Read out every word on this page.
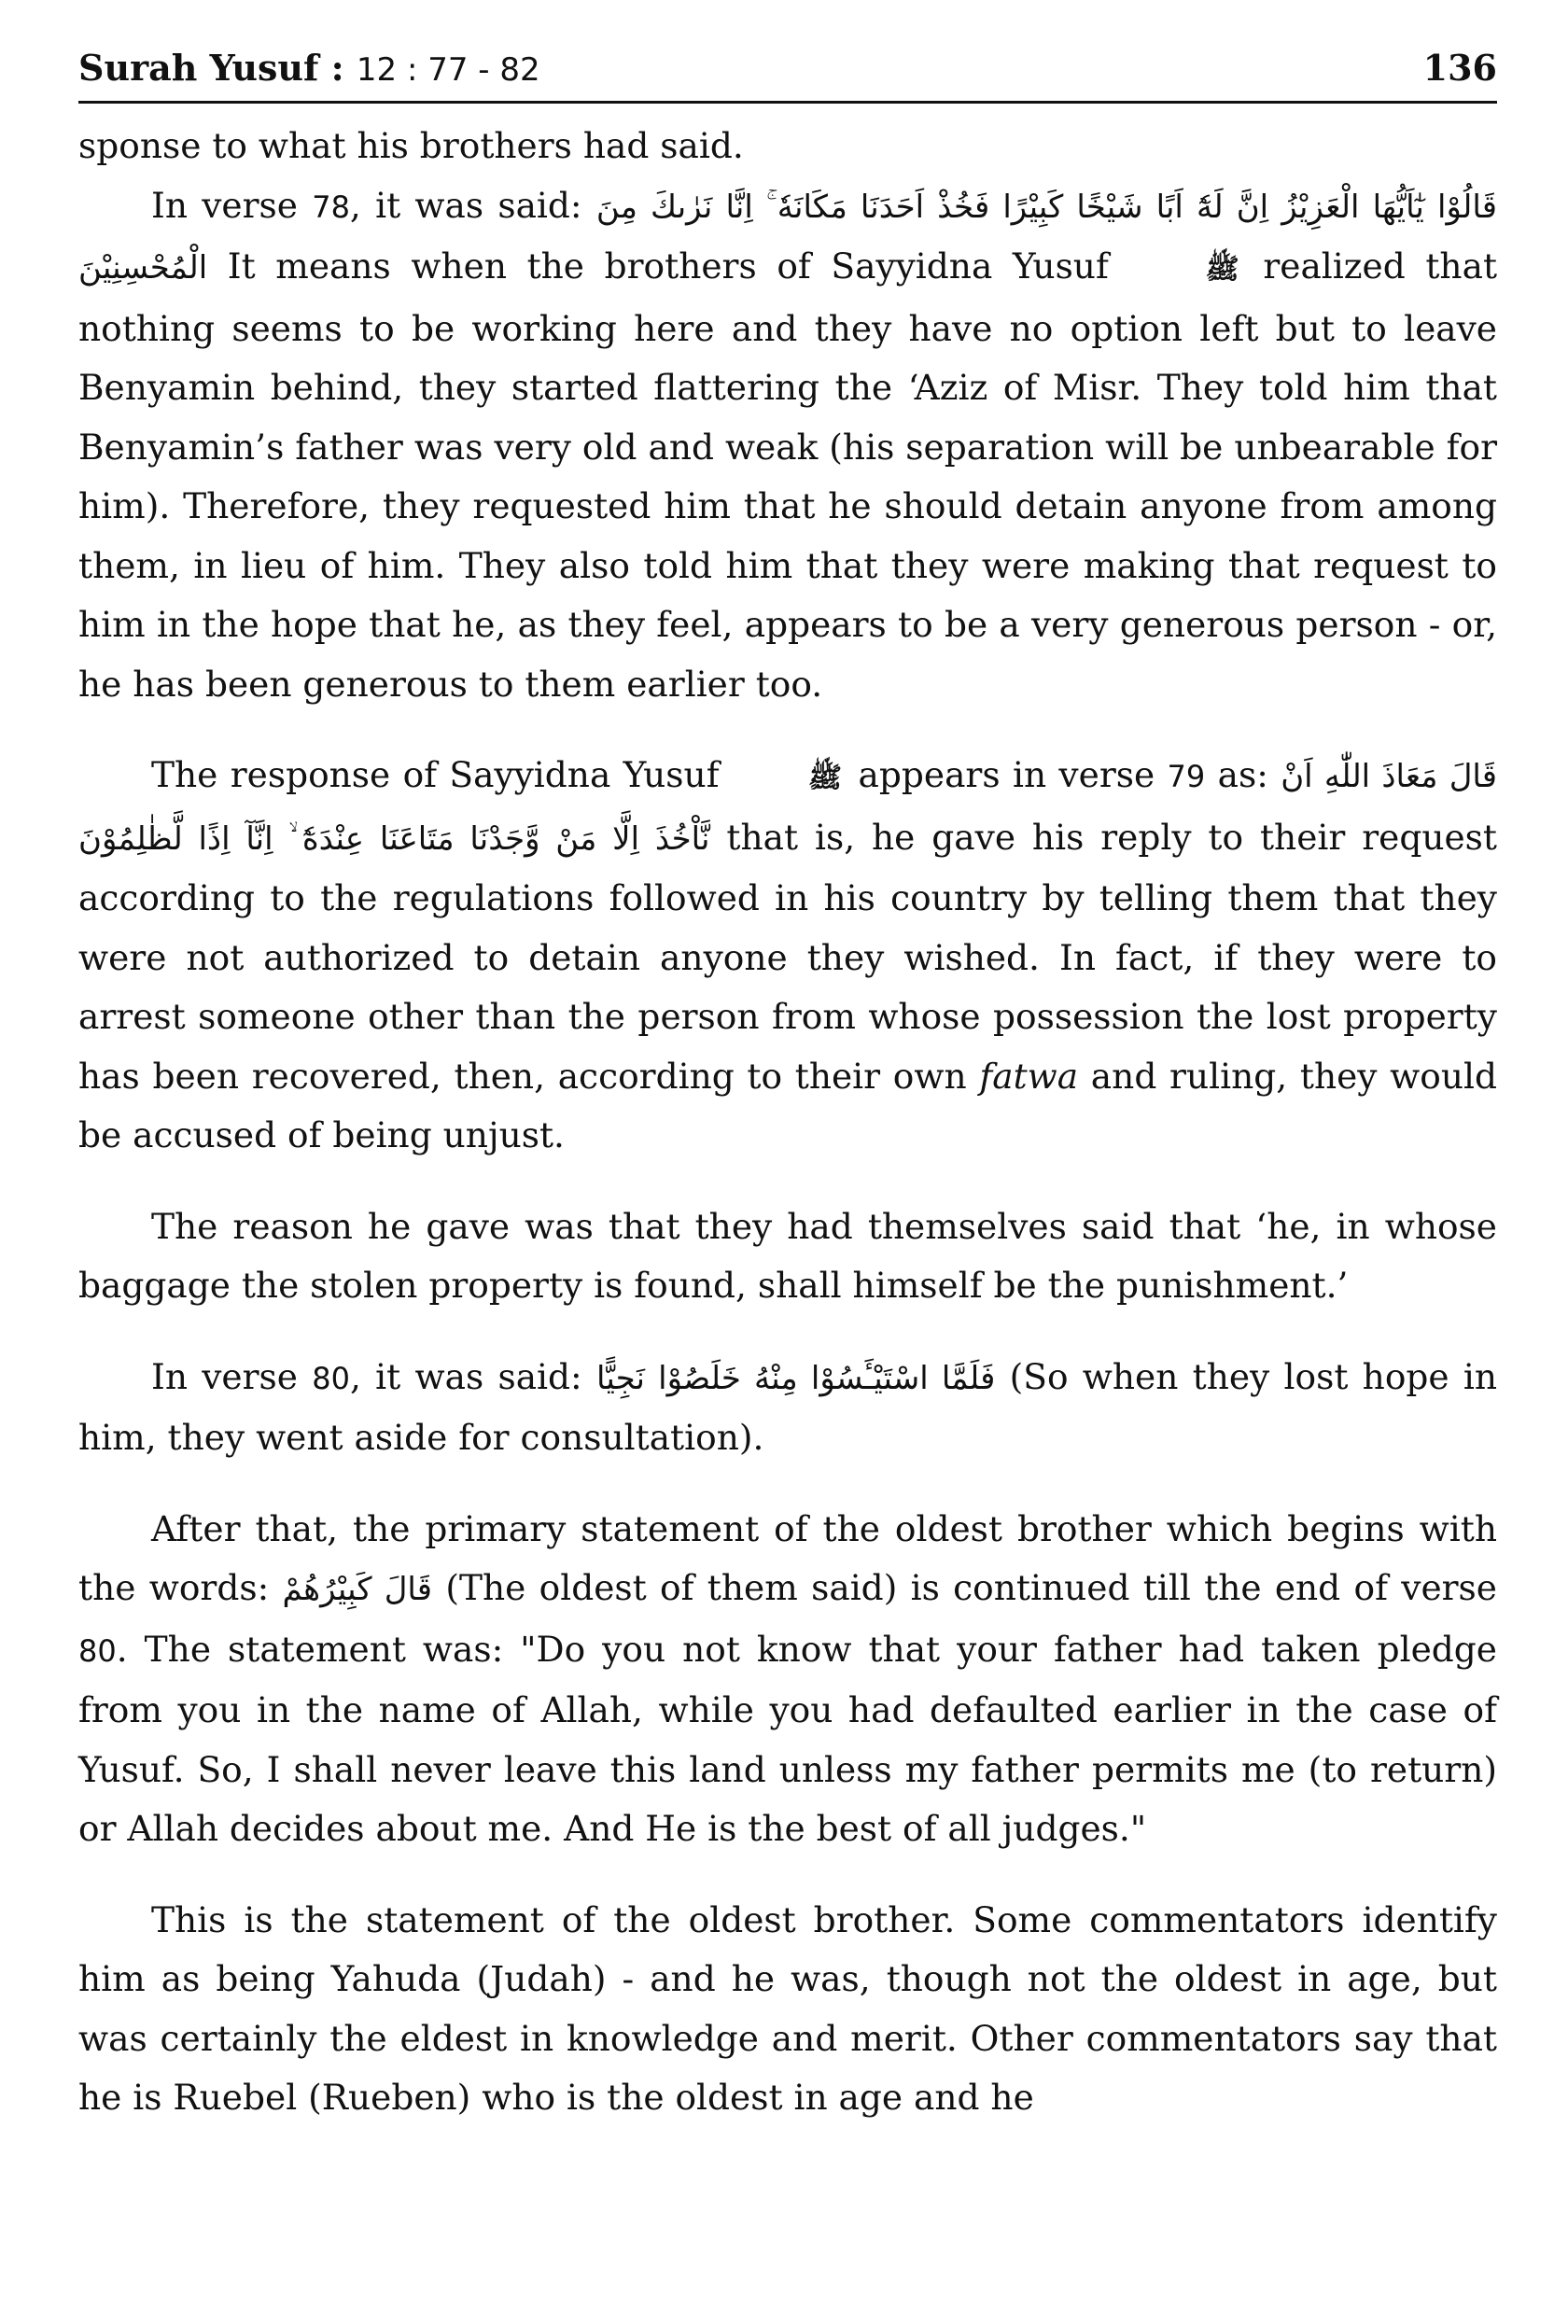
Surah Yusuf : 12 : 77 - 82	136

sponse to what his brothers had said.

In verse 78, it was said: قَالُوْا يٰٓاَيُّهَا الْعَزِيْزُ اِنَّ لَهٗٓ اَبًا شَيْخًا كَبِيْرًا فَخُذْ اَحَدَنَا مَكَانَهٗ ۚ اِنَّا نَرٰىكَ مِنَ الْمُحْسِنِيْنَ It means when the brothers of Sayyidna Yusuf	ﷺ realized that nothing seems to be working here and they have no option left but to leave Benyamin behind, they started flattering the ‘Aziz of Misr. They told him that Benyamin’s father was very old and weak (his separation will be unbearable for him). Therefore, they requested him that he should detain anyone from among them, in lieu of him. They also told him that they were making that request to him in the hope that he, as they feel, appears to be a very generous person - or, he has been generous to them earlier too.

The response of Sayyidna Yusuf	ﷺ appears in verse 79 as: قَالَ مَعَاذَ اللّٰهِ اَنْ نَّاْخُذَ اِلَّا مَنْ وَّجَدْنَا مَتَاعَنَا عِنْدَهٗٓ ۙ اِنَّآ اِذًا لَّظٰلِمُوْنَ that is, he gave his reply to their request according to the regulations followed in his country by telling them that they were not authorized to detain anyone they wished. In fact, if they were to arrest someone other than the person from whose possession the lost property has been recovered, then, according to their own fatwa and ruling, they would be accused of being unjust.

The reason he gave was that they had themselves said that ‘he, in whose baggage the stolen property is found, shall himself be the punishment.’

In verse 80, it was said: فَلَمَّا اسْتَيْـَٔسُوْا مِنْهُ خَلَصُوْا نَجِيًّا (So when they lost hope in him, they went aside for consultation).

After that, the primary statement of the oldest brother which begins with the words: قَالَ كَبِيْرُهُمْ (The oldest of them said) is continued till the end of verse 80. The statement was: "Do you not know that your father had taken pledge from you in the name of Allah, while you had defaulted earlier in the case of Yusuf. So, I shall never leave this land unless my father permits me (to return) or Allah decides about me. And He is the best of all judges."

This is the statement of the oldest brother. Some commentators identify him as being Yahuda (Judah) - and he was, though not the oldest in age, but was certainly the eldest in knowledge and merit. Other commentators say that he is Ruebel (Rueben) who is the oldest in age and he
